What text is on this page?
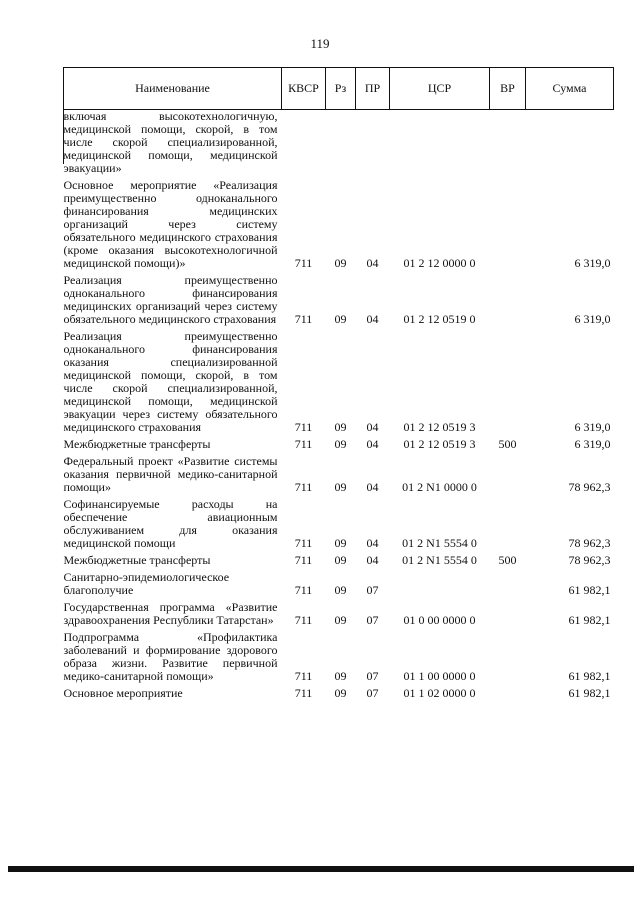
119
Наименование	КВСР	Рз	ПР	ЦСР	ВР	Сумма
включая высокотехнологичную, медицинской помощи, скорой, в том числе скорой специализированной, медицинской помощи, медицинской эвакуации»						
Основное мероприятие «Реализация преимущественно одноканального финансирования медицинских организаций через систему обязательного медицинского страхования (кроме оказания высокотехнологичной медицинской помощи)»	711	09	04	01 2 12 0000 0		6 319,0
Реализация преимущественно одноканального финансирования медицинских организаций через систему обязательного медицинского страхования	711	09	04	01 2 12 0519 0		6 319,0
Реализация преимущественно одноканального финансирования оказания специализированной медицинской помощи, скорой, в том числе скорой специализированной, медицинской помощи, медицинской эвакуации через систему обязательного медицинского страхования	711	09	04	01 2 12 0519 3		6 319,0
Межбюджетные трансферты	711	09	04	01 2 12 0519 3	500	6 319,0
Федеральный проект «Развитие системы оказания первичной медико-санитарной помощи»	711	09	04	01 2 N1 0000 0		78 962,3
Софинансируемые расходы на обеспечение авиационным обслуживанием для оказания медицинской помощи	711	09	04	01 2 N1 5554 0		78 962,3
Межбюджетные трансферты	711	09	04	01 2 N1 5554 0	500	78 962,3
Санитарно-эпидемиологическое благополучие	711	09	07			61 982,1
Государственная программа «Развитие здравоохранения Республики Татарстан»	711	09	07	01 0 00 0000 0		61 982,1
Подпрограмма «Профилактика заболеваний и формирование здорового образа жизни. Развитие первичной медико-санитарной помощи»	711	09	07	01 1 00 0000 0		61 982,1
Основное мероприятие	711	09	07	01 1 02 0000 0		61 982,1
